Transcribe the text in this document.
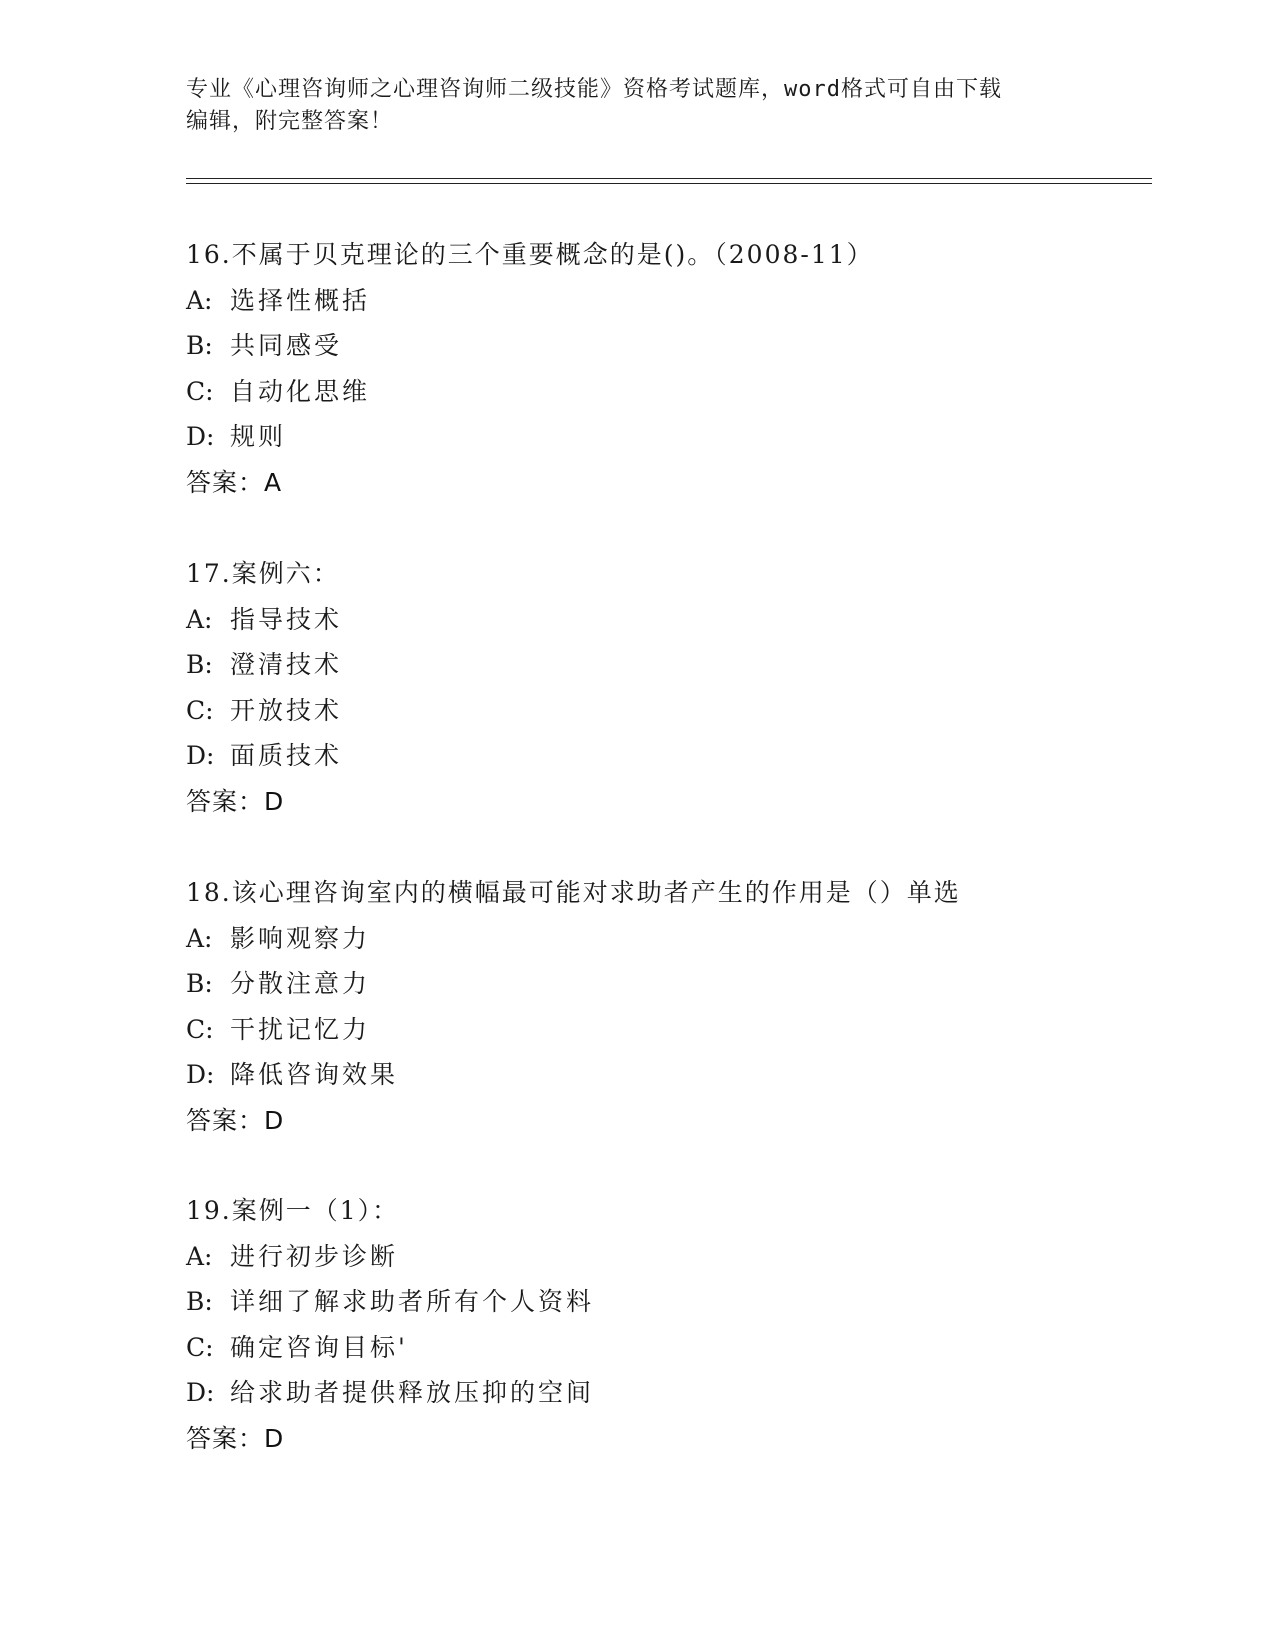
专业《心理咨询师之心理咨询师二级技能》资格考试题库，word格式可自由下载
编辑，附完整答案！
16.不属于贝克理论的三个重要概念的是()。（2008-11）
A: 选择性概括
B: 共同感受
C: 自动化思维
D: 规则
答案：A
17.案例六：
A: 指导技术
B: 澄清技术
C: 开放技术
D: 面质技术
答案：D
18.该心理咨询室内的横幅最可能对求助者产生的作用是（）单选
A: 影响观察力
B: 分散注意力
C: 干扰记忆力
D: 降低咨询效果
答案：D
19.案例一（1）：
A: 进行初步诊断
B: 详细了解求助者所有个人资料
C: 确定咨询目标'
D: 给求助者提供释放压抑的空间
答案：D
